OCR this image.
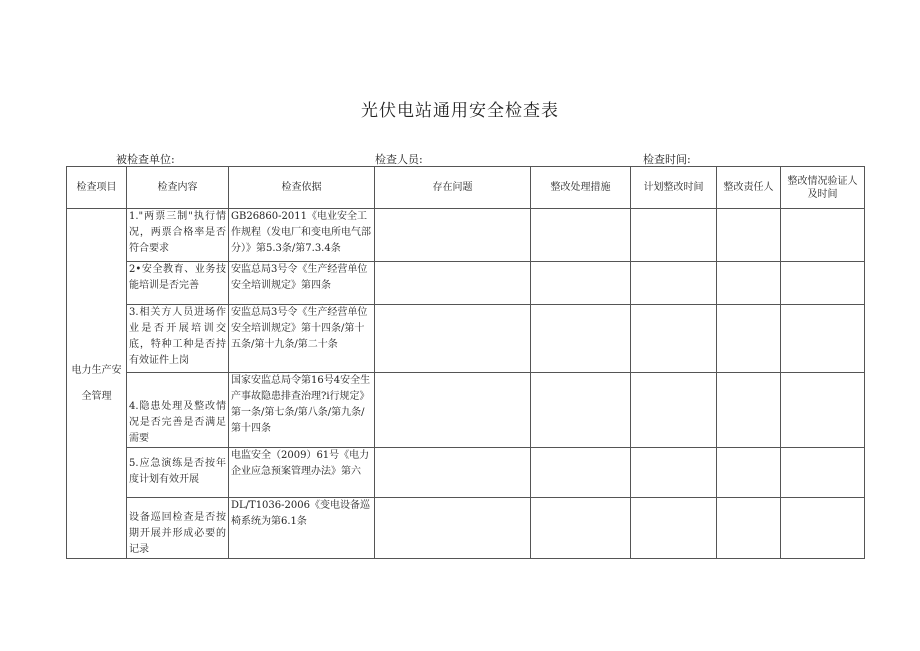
光伏电站通用安全检查表
被检查单位:	检查人员:	检查时间:
检查项目	检查内容	检查依据	存在问题	整改处理措施	计划整改时间	整改责任人	整改情况验证人及时间
电力生产安全管理	1."两票三制"执行情况，两票合格率是否符合要求	GB26860-2011《电业安全工作规程（发电厂和变电所电气部分）》第5.3条/第7.3.4条					
	2•安全教育、业务技能培训是否完善	安监总局3号令《生产经营单位安全培训规定》第四条					
	3.相关方人员进场作业是否开展培训交底，特种工种是否持有效证件上岗	安监总局3号令《生产经营单位安全培训规定》第十四条/第十五条/第十九条/第二十条					
	4.隐患处理及整改情况是否完善是否满足需要	国家安监总局令第16号4安全生产事故隐患排查治理?i行规定》第一条/第七条/第八条/第九条/第十四条					
	5.应急演练是否按年度计划有效开展	电监安全（2009）61号《电力企业应急预案管理办法》第六					
	设备巡回检查是否按期开展并形成必要的记录	DL/T1036-2006《变电设备巡椅系统为第6.1条					
